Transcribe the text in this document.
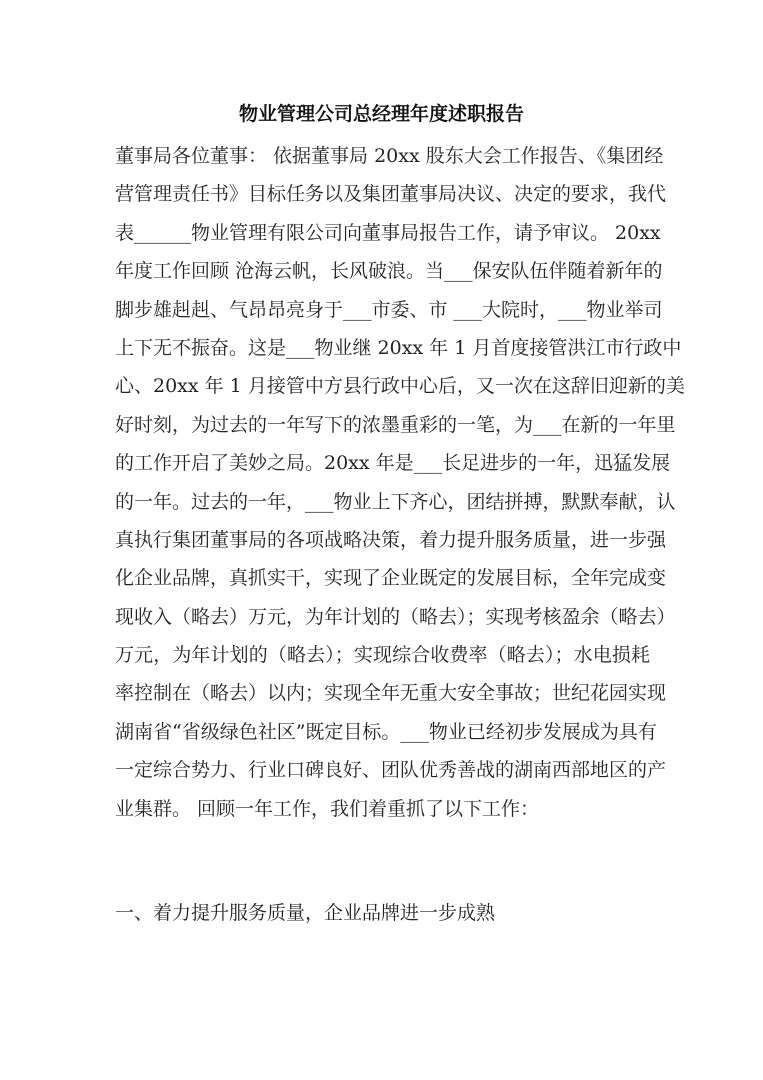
物业管理公司总经理年度述职报告
董事局各位董事： 依据董事局 20xx 股东大会工作报告、《集团经
营管理责任书》目标任务以及集团董事局决议、决定的要求，我代
表______物业管理有限公司向董事局报告工作，请予审议。 20xx
年度工作回顾 沧海云帆，长风破浪。当___保安队伍伴随着新年的
脚步雄赳赳、气昂昂亮身于___市委、市 ___大院时，___物业举司
上下无不振奋。这是___物业继 20xx 年 1 月首度接管洪江市行政中
心、20xx 年 1 月接管中方县行政中心后，又一次在这辞旧迎新的美
好时刻，为过去的一年写下的浓墨重彩的一笔，为___在新的一年里
的工作开启了美妙之局。20xx 年是___长足进步的一年，迅猛发展
的一年。过去的一年，___物业上下齐心，团结拼搏，默默奉献，认
真执行集团董事局的各项战略决策，着力提升服务质量，进一步强
化企业品牌，真抓实干，实现了企业既定的发展目标，全年完成变
现收入（略去）万元，为年计划的（略去）；实现考核盈余（略去）
万元，为年计划的（略去）；实现综合收费率（略去）；水电损耗
率控制在（略去）以内；实现全年无重大安全事故；世纪花园实现
湖南省“省级绿色社区”既定目标。___物业已经初步发展成为具有
一定综合势力、行业口碑良好、团队优秀善战的湖南西部地区的产
业集群。 回顾一年工作，我们着重抓了以下工作：
一、着力提升服务质量，企业品牌进一步成熟
